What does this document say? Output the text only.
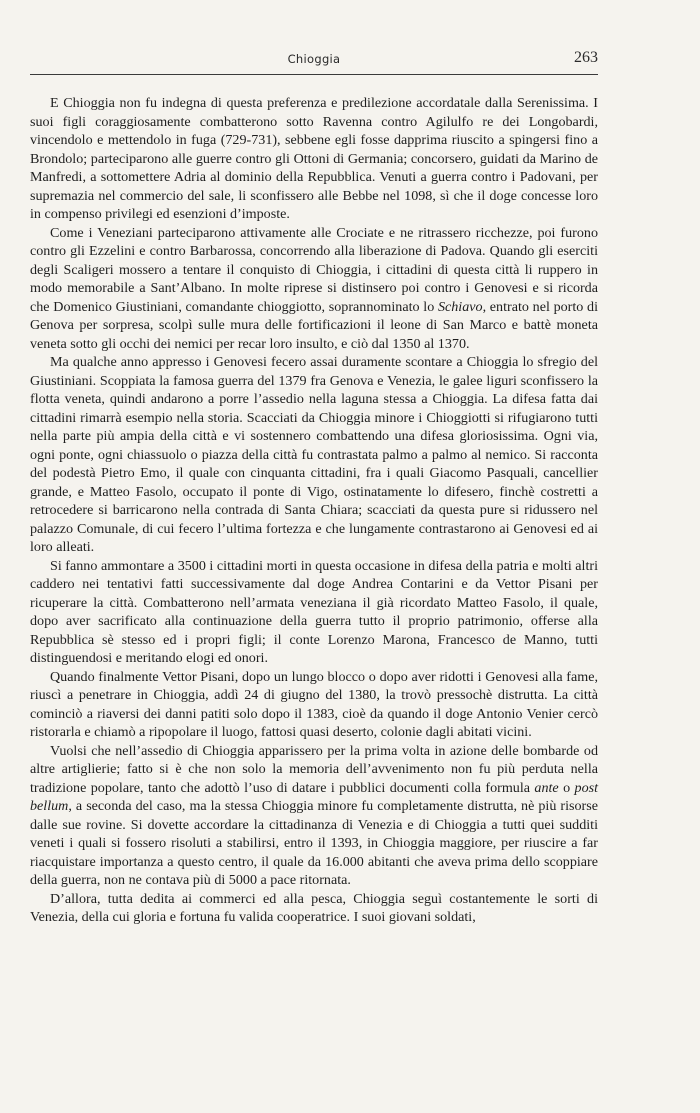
Chioggia	263

E Chioggia non fu indegna di questa preferenza e predilezione accordatale dalla Serenissima. I suoi figli coraggiosamente combatterono sotto Ravenna contro Agilulfo re dei Longobardi, vincendolo e mettendolo in fuga (729-731), sebbene egli fosse dapprima riuscito a spingersi fino a Brondolo; parteciparono alle guerre contro gli Ottoni di Germania; concorsero, guidati da Marino de Manfredi, a sottomettere Adria al dominio della Repubblica. Venuti a guerra contro i Padovani, per supremazia nel commercio del sale, li sconfissero alle Bebbe nel 1098, sì che il doge concesse loro in compenso privilegi ed esenzioni d’imposte.

Come i Veneziani parteciparono attivamente alle Crociate e ne ritrassero ricchezze, poi furono contro gli Ezzelini e contro Barbarossa, concorrendo alla liberazione di Padova. Quando gli eserciti degli Scaligeri mossero a tentare il conquisto di Chioggia, i cittadini di questa città li ruppero in modo memorabile a Sant’Albano. In molte riprese si distinsero poi contro i Genovesi e si ricorda che Domenico Giustiniani, comandante chioggiotto, soprannominato lo Schiavo, entrato nel porto di Genova per sorpresa, scolpì sulle mura delle fortificazioni il leone di San Marco e battè moneta veneta sotto gli occhi dei nemici per recar loro insulto, e ciò dal 1350 al 1370.

Ma qualche anno appresso i Genovesi fecero assai duramente scontare a Chioggia lo sfregio del Giustiniani. Scoppiata la famosa guerra del 1379 fra Genova e Venezia, le galee liguri sconfissero la flotta veneta, quindi andarono a porre l’assedio nella laguna stessa a Chioggia. La difesa fatta dai cittadini rimarrà esempio nella storia. Scacciati da Chioggia minore i Chioggiotti si rifugiarono tutti nella parte più ampia della città e vi sostennero combattendo una difesa gloriosissima. Ogni via, ogni ponte, ogni chiassuolo o piazza della città fu contrastata palmo a palmo al nemico. Si racconta del podestà Pietro Emo, il quale con cinquanta cittadini, fra i quali Giacomo Pasquali, cancellier grande, e Matteo Fasolo, occupato il ponte di Vigo, ostinatamente lo difesero, finchè costretti a retrocedere si barricarono nella contrada di Santa Chiara; scacciati da questa pure si ridussero nel palazzo Comunale, di cui fecero l’ultima fortezza e che lungamente contrastarono ai Genovesi ed ai loro alleati.

Si fanno ammontare a 3500 i cittadini morti in questa occasione in difesa della patria e molti altri caddero nei tentativi fatti successivamente dal doge Andrea Contarini e da Vettor Pisani per ricuperare la città. Combatterono nell’armata veneziana il già ricordato Matteo Fasolo, il quale, dopo aver sacrificato alla continuazione della guerra tutto il proprio patrimonio, offerse alla Repubblica sè stesso ed i propri figli; il conte Lorenzo Marona, Francesco de Manno, tutti distinguendosi e meritando elogi ed onori.

Quando finalmente Vettor Pisani, dopo un lungo blocco o dopo aver ridotti i Genovesi alla fame, riuscì a penetrare in Chioggia, addì 24 di giugno del 1380, la trovò pressochè distrutta. La città cominciò a riaversi dei danni patiti solo dopo il 1383, cioè da quando il doge Antonio Venier cercò ristorarla e chiamò a ripopolare il luogo, fattosi quasi deserto, colonie dagli abitati vicini.

Vuolsi che nell’assedio di Chioggia apparissero per la prima volta in azione delle bombarde od altre artiglierie; fatto si è che non solo la memoria dell’avvenimento non fu più perduta nella tradizione popolare, tanto che adottò l’uso di datare i pubblici documenti colla formula ante o post bellum, a seconda del caso, ma la stessa Chioggia minore fu completamente distrutta, nè più risorse dalle sue rovine. Si dovette accordare la cittadinanza di Venezia e di Chioggia a tutti quei sudditi veneti i quali si fossero risoluti a stabilirsi, entro il 1393, in Chioggia maggiore, per riuscire a far riacquistare importanza a questo centro, il quale da 16.000 abitanti che aveva prima dello scoppiare della guerra, non ne contava più di 5000 a pace ritornata.

D’allora, tutta dedita ai commerci ed alla pesca, Chioggia seguì costantemente le sorti di Venezia, della cui gloria e fortuna fu valida cooperatrice. I suoi giovani soldati,
